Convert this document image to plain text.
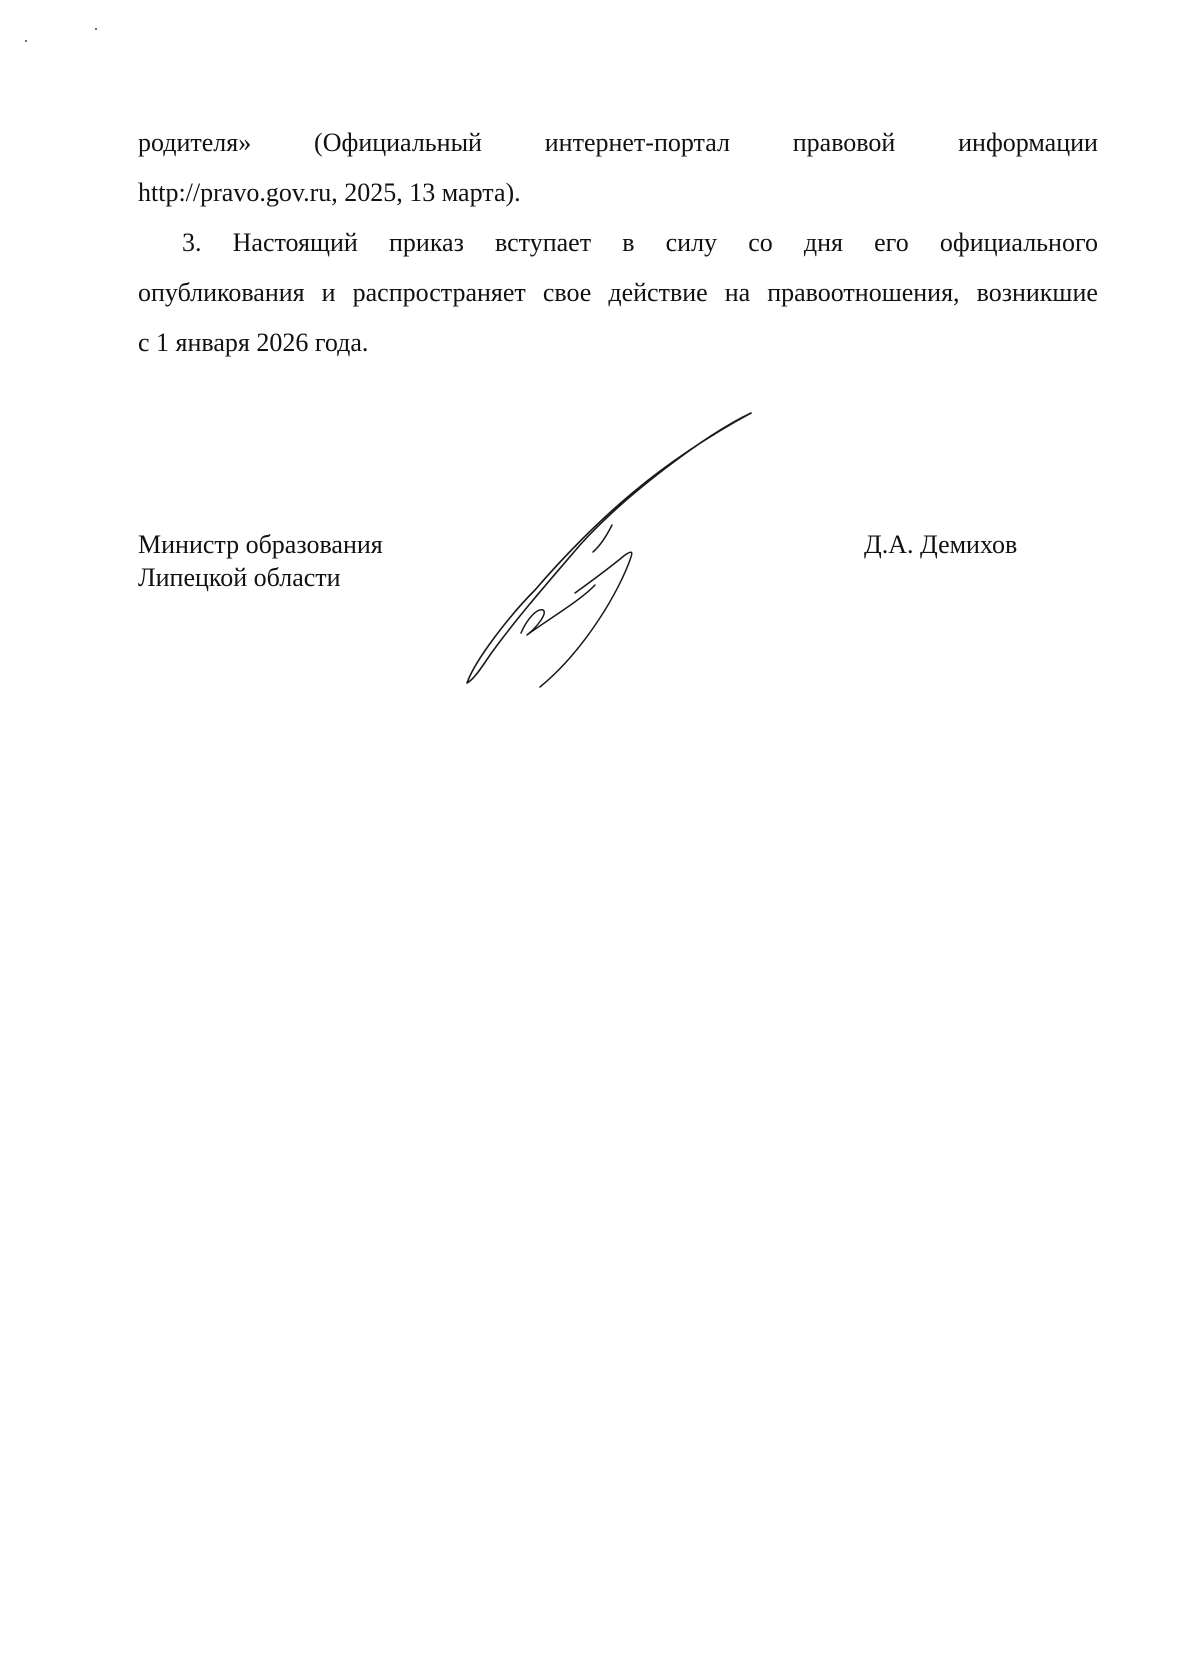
родителя» (Официальный интернет-портал правовой информации
http://pravo.gov.ru, 2025, 13 марта).
3. Настоящий приказ вступает в силу со дня его официального
опубликования и распространяет свое действие на правоотношения, возникшие
с 1 января 2026 года.
Министр образования
Липецкой области
Д.А. Демихов
